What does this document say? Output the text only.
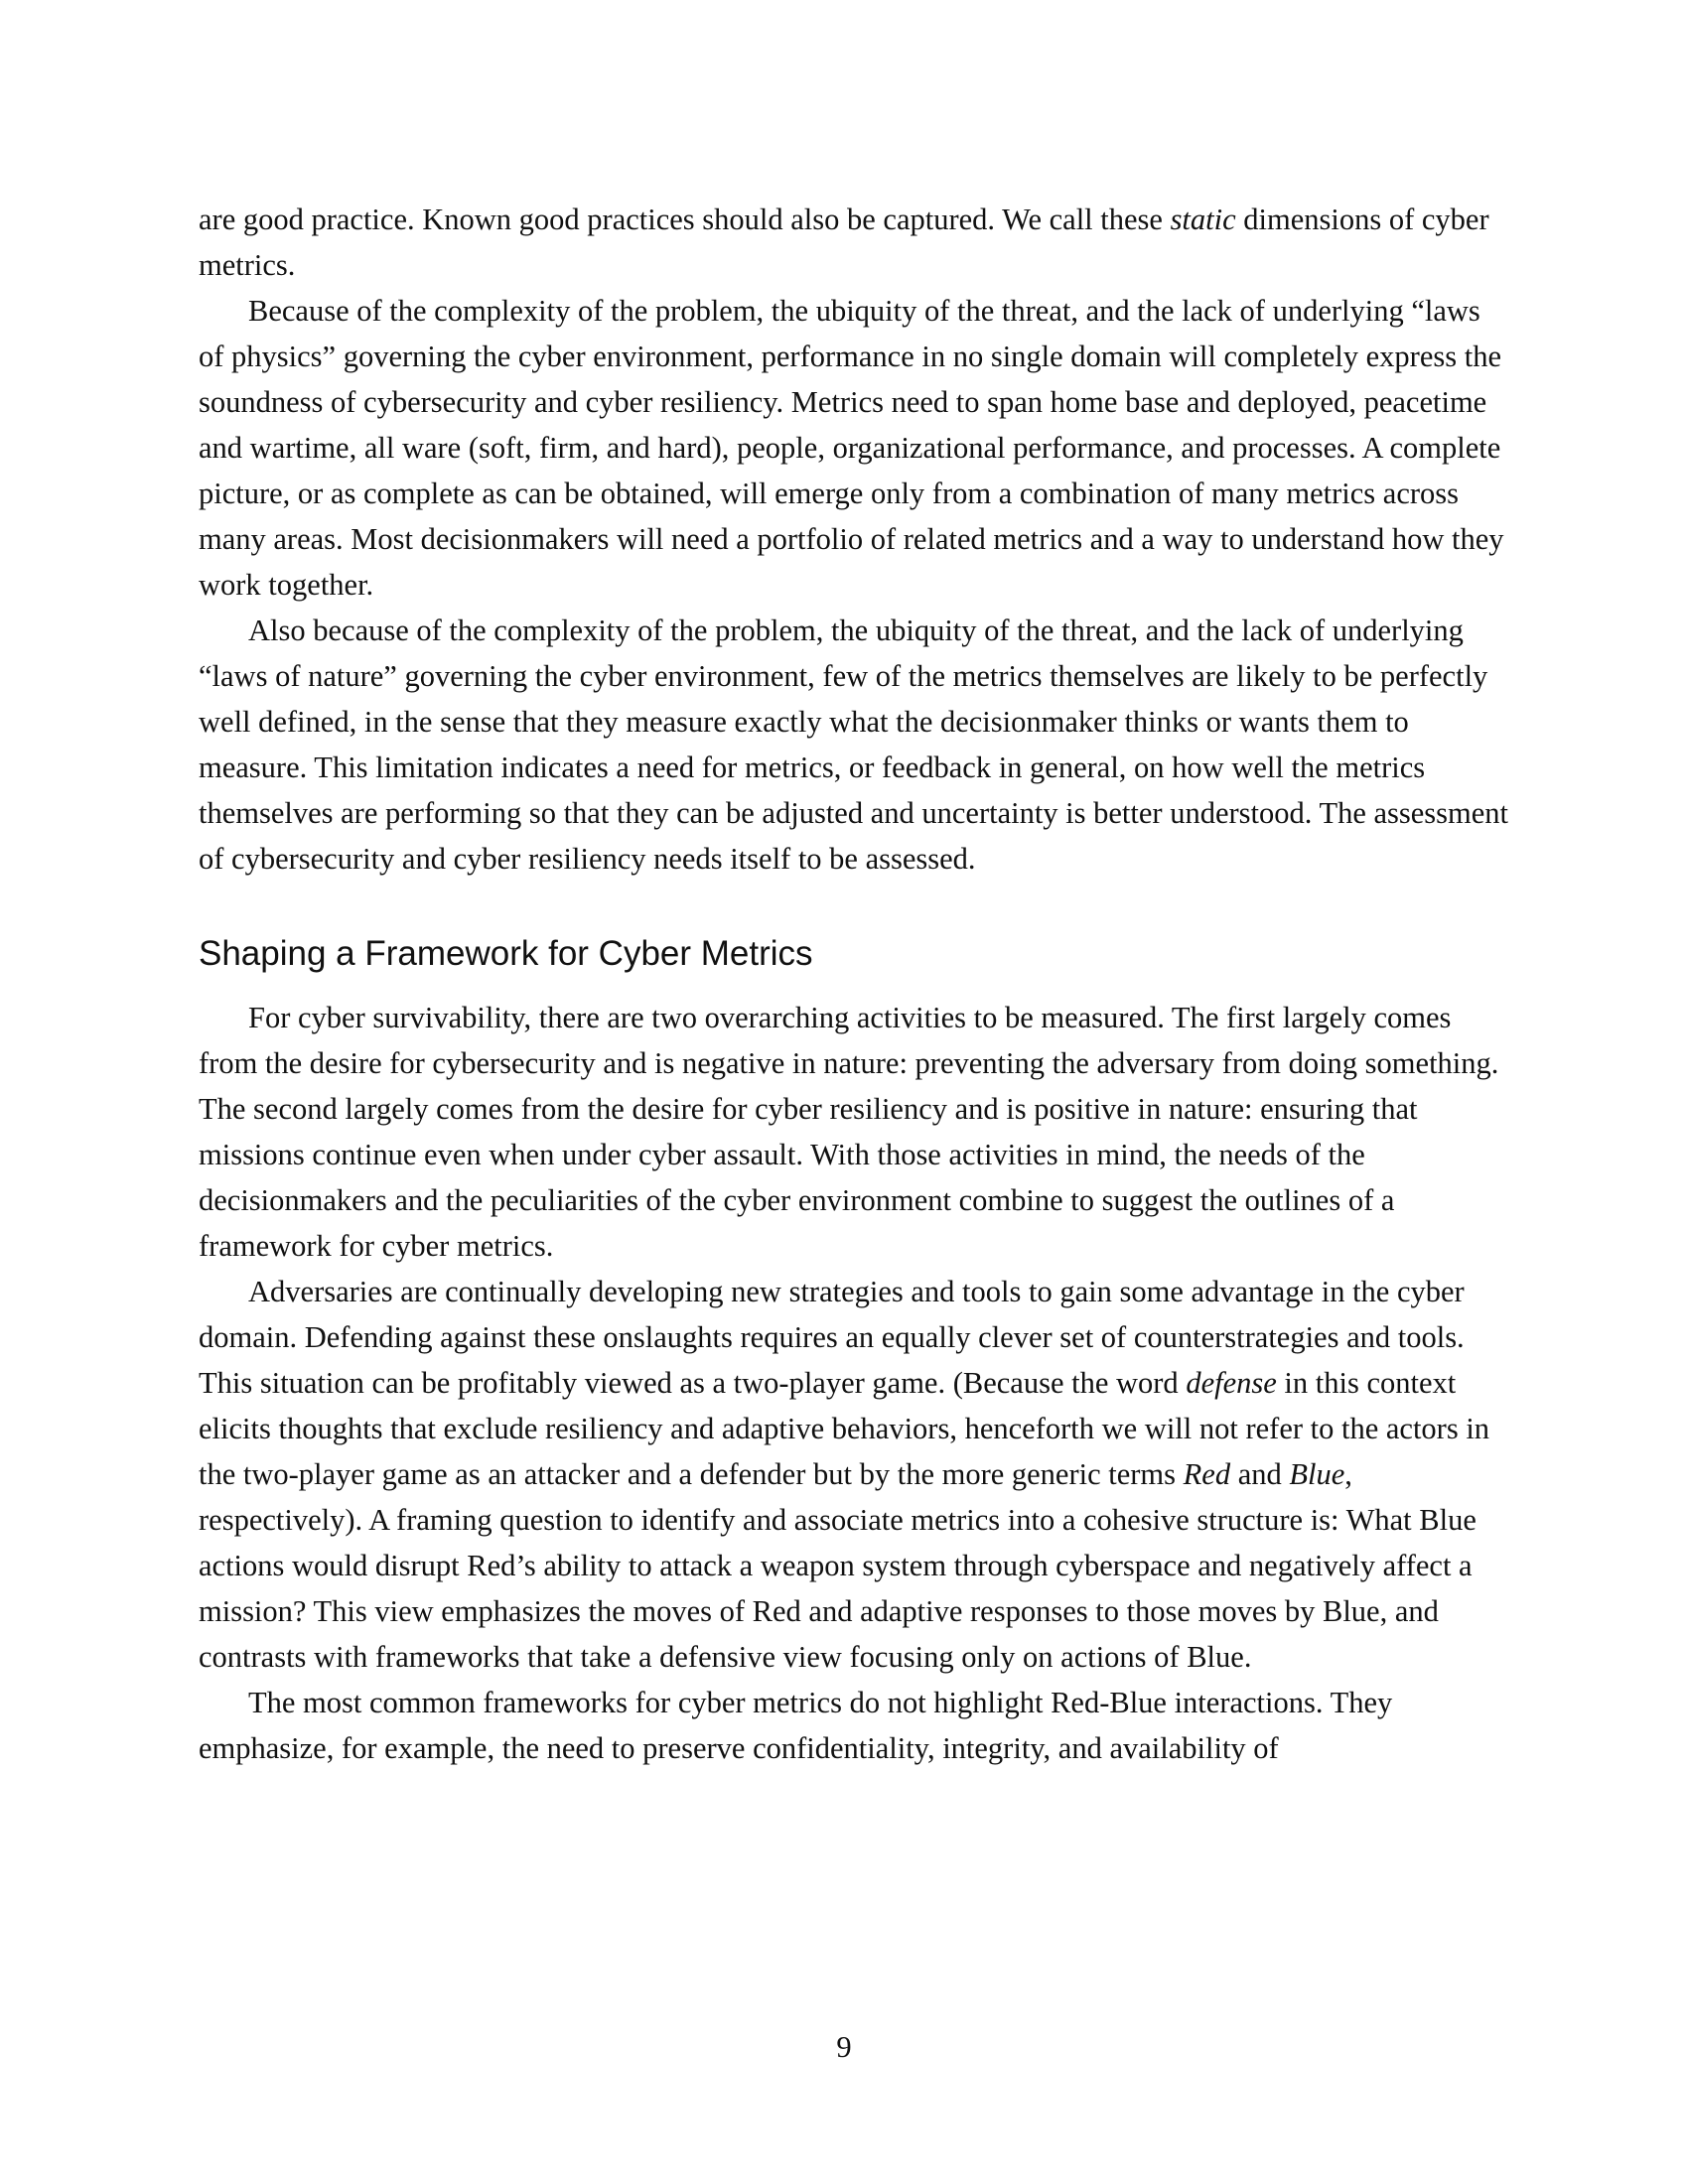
are good practice. Known good practices should also be captured. We call these static dimensions of cyber metrics.

Because of the complexity of the problem, the ubiquity of the threat, and the lack of underlying “laws of physics” governing the cyber environment, performance in no single domain will completely express the soundness of cybersecurity and cyber resiliency. Metrics need to span home base and deployed, peacetime and wartime, all ware (soft, firm, and hard), people, organizational performance, and processes. A complete picture, or as complete as can be obtained, will emerge only from a combination of many metrics across many areas. Most decisionmakers will need a portfolio of related metrics and a way to understand how they work together.

Also because of the complexity of the problem, the ubiquity of the threat, and the lack of underlying “laws of nature” governing the cyber environment, few of the metrics themselves are likely to be perfectly well defined, in the sense that they measure exactly what the decisionmaker thinks or wants them to measure. This limitation indicates a need for metrics, or feedback in general, on how well the metrics themselves are performing so that they can be adjusted and uncertainty is better understood. The assessment of cybersecurity and cyber resiliency needs itself to be assessed.

Shaping a Framework for Cyber Metrics

For cyber survivability, there are two overarching activities to be measured. The first largely comes from the desire for cybersecurity and is negative in nature: preventing the adversary from doing something. The second largely comes from the desire for cyber resiliency and is positive in nature: ensuring that missions continue even when under cyber assault. With those activities in mind, the needs of the decisionmakers and the peculiarities of the cyber environment combine to suggest the outlines of a framework for cyber metrics.

Adversaries are continually developing new strategies and tools to gain some advantage in the cyber domain. Defending against these onslaughts requires an equally clever set of counterstrategies and tools. This situation can be profitably viewed as a two-player game. (Because the word defense in this context elicits thoughts that exclude resiliency and adaptive behaviors, henceforth we will not refer to the actors in the two-player game as an attacker and a defender but by the more generic terms Red and Blue, respectively). A framing question to identify and associate metrics into a cohesive structure is: What Blue actions would disrupt Red’s ability to attack a weapon system through cyberspace and negatively affect a mission? This view emphasizes the moves of Red and adaptive responses to those moves by Blue, and contrasts with frameworks that take a defensive view focusing only on actions of Blue.

The most common frameworks for cyber metrics do not highlight Red-Blue interactions. They emphasize, for example, the need to preserve confidentiality, integrity, and availability of

9
